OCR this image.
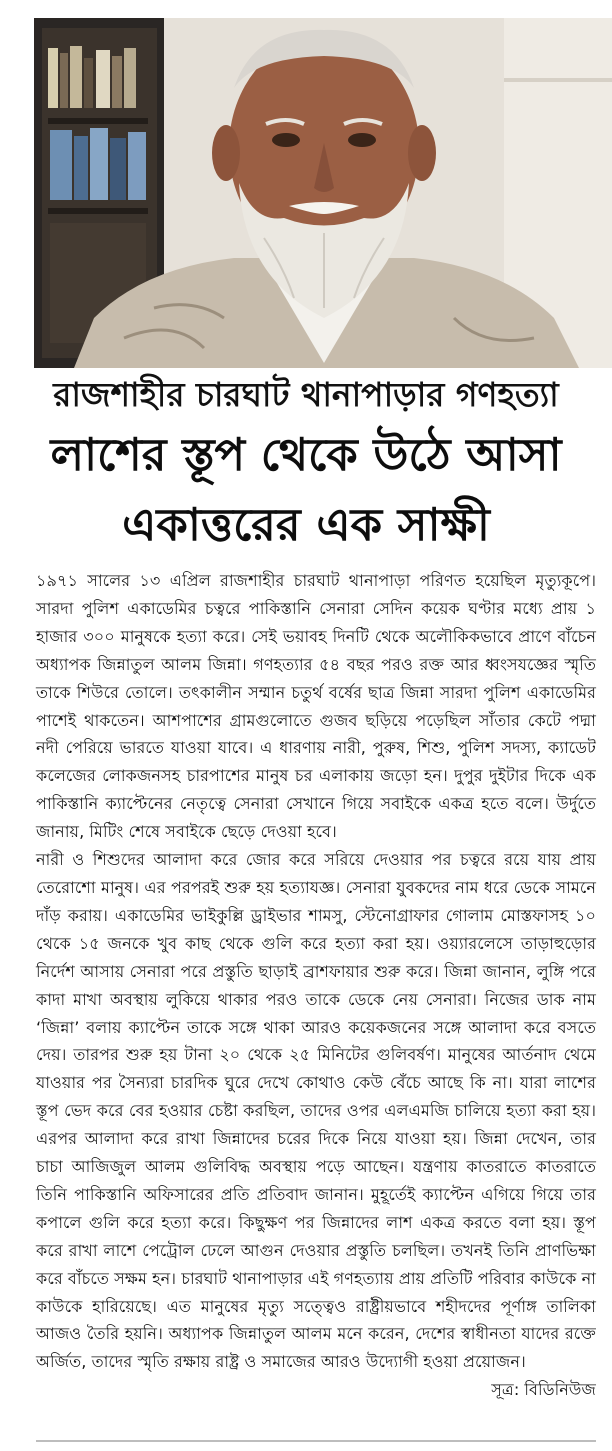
রাজশাহীর চারঘাট থানাপাড়ার গণহত্যা
লাশের স্তূপ থেকে উঠে আসা
একাত্তরের এক সাক্ষী

১৯৭১ সালের ১৩ এপ্রিল রাজশাহীর চারঘাট থানাপাড়া পরিণত হয়েছিল মৃত্যুকূপে। সারদা পুলিশ একাডেমির চত্বরে পাকিস্তানি সেনারা সেদিন কয়েক ঘণ্টার মধ্যে প্রায় ১ হাজার ৩০০ মানুষকে হত্যা করে। সেই ভয়াবহ দিনটি থেকে অলৌকিকভাবে প্রাণে বাঁচেন অধ্যাপক জিন্নাতুল আলম জিন্না। গণহত্যার ৫৪ বছর পরও রক্ত আর ধ্বংসযজ্ঞের স্মৃতি তাকে শিউরে তোলে। তৎকালীন সম্মান চতুর্থ বর্ষের ছাত্র জিন্না সারদা পুলিশ একাডেমির পাশেই থাকতেন। আশপাশের গ্রামগুলোতে গুজব ছড়িয়ে পড়েছিল সাঁতার কেটে পদ্মা নদী পেরিয়ে ভারতে যাওয়া যাবে। এ ধারণায় নারী, পুরুষ, শিশু, পুলিশ সদস্য, ক্যাডেট কলেজের লোকজনসহ চারপাশের মানুষ চর এলাকায় জড়ো হন। দুপুর দুইটার দিকে এক পাকিস্তানি ক্যাপ্টেনের নেতৃত্বে সেনারা সেখানে গিয়ে সবাইকে একত্র হতে বলে। উর্দুতে জানায়, মিটিং শেষে সবাইকে ছেড়ে দেওয়া হবে।

নারী ও শিশুদের আলাদা করে জোর করে সরিয়ে দেওয়ার পর চত্বরে রয়ে যায় প্রায় তেরোশো মানুষ। এর পরপরই শুরু হয় হত্যাযজ্ঞ। সেনারা যুবকদের নাম ধরে ডেকে সামনে দাঁড় করায়। একাডেমির ভাইকুল্লি ড্রাইভার শামসু, স্টেনোগ্রাফার গোলাম মোস্তফাসহ ১০ থেকে ১৫ জনকে খুব কাছ থেকে গুলি করে হত্যা করা হয়। ওয়্যারলেসে তাড়াহুড়োর নির্দেশ আসায় সেনারা পরে প্রস্তুতি ছাড়াই ব্রাশফায়ার শুরু করে। জিন্না জানান, লুঙ্গি পরে কাদা মাখা অবস্থায় লুকিয়ে থাকার পরও তাকে ডেকে নেয় সেনারা। নিজের ডাক নাম ‘জিন্না’ বলায় ক্যাপ্টেন তাকে সঙ্গে থাকা আরও কয়েকজনের সঙ্গে আলাদা করে বসতে দেয়। তারপর শুরু হয় টানা ২০ থেকে ২৫ মিনিটের গুলিবর্ষণ। মানুষের আর্তনাদ থেমে যাওয়ার পর সৈন্যরা চারদিক ঘুরে দেখে কোথাও কেউ বেঁচে আছে কি না। যারা লাশের স্তূপ ভেদ করে বের হওয়ার চেষ্টা করছিল, তাদের ওপর এলএমজি চালিয়ে হত্যা করা হয়। এরপর আলাদা করে রাখা জিন্নাদের চরের দিকে নিয়ে যাওয়া হয়। জিন্না দেখেন, তার চাচা আজিজুল আলম গুলিবিদ্ধ অবস্থায় পড়ে আছেন। যন্ত্রণায় কাতরাতে কাতরাতে তিনি পাকিস্তানি অফিসারের প্রতি প্রতিবাদ জানান। মুহূর্তেই ক্যাপ্টেন এগিয়ে গিয়ে তার কপালে গুলি করে হত্যা করে। কিছুক্ষণ পর জিন্নাদের লাশ একত্র করতে বলা হয়। স্তূপ করে রাখা লাশে পেট্রোল ঢেলে আগুন দেওয়ার প্রস্তুতি চলছিল। তখনই তিনি প্রাণভিক্ষা করে বাঁচতে সক্ষম হন। চারঘাট থানাপাড়ার এই গণহত্যায় প্রায় প্রতিটি পরিবার কাউকে না কাউকে হারিয়েছে। এত মানুষের মৃত্যু সত্ত্বেও রাষ্ট্রীয়ভাবে শহীদদের পূর্ণাঙ্গ তালিকা আজও তৈরি হয়নি। অধ্যাপক জিন্নাতুল আলম মনে করেন, দেশের স্বাধীনতা যাদের রক্তে অর্জিত, তাদের স্মৃতি রক্ষায় রাষ্ট্র ও সমাজের আরও উদ্যোগী হওয়া প্রয়োজন।
সূত্র: বিডিনিউজ
